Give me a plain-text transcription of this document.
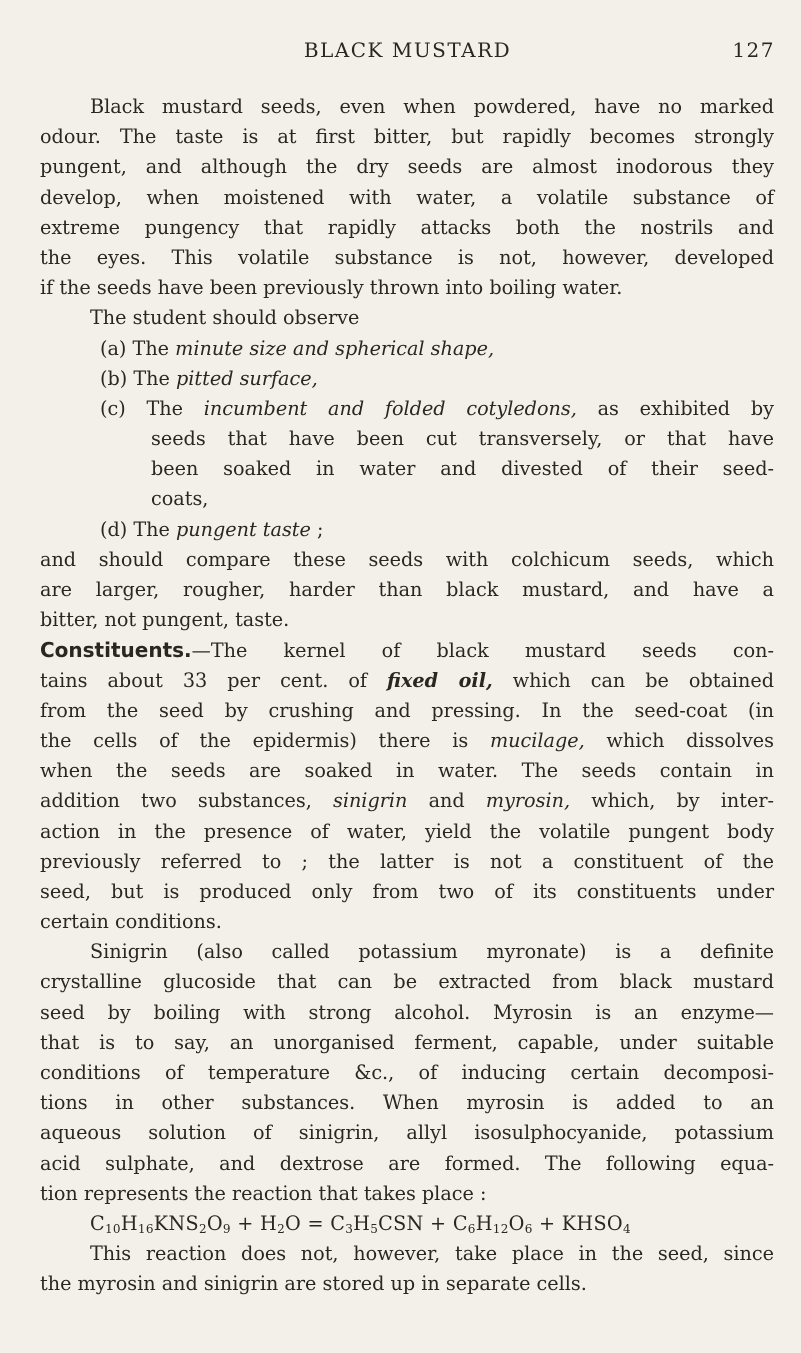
BLACK MUSTARD	127
Black mustard seeds, even when powdered, have no marked
odour. The taste is at first bitter, but rapidly becomes strongly
pungent, and although the dry seeds are almost inodorous they
develop, when moistened with water, a volatile substance of
extreme pungency that rapidly attacks both the nostrils and
the eyes. This volatile substance is not, however, developed
if the seeds have been previously thrown into boiling water.
The student should observe
(a) The minute size and spherical shape,
(b) The pitted surface,
(c) The incumbent and folded cotyledons, as exhibited by
seeds that have been cut transversely, or that have
been soaked in water and divested of their seed-
coats,
(d) The pungent taste ;
and should compare these seeds with colchicum seeds, which
are larger, rougher, harder than black mustard, and have a
bitter, not pungent, taste.
Constituents.—The kernel of black mustard seeds con-
tains about 33 per cent. of fixed oil, which can be obtained
from the seed by crushing and pressing. In the seed-coat (in
the cells of the epidermis) there is mucilage, which dissolves
when the seeds are soaked in water. The seeds contain in
addition two substances, sinigrin and myrosin, which, by inter-
action in the presence of water, yield the volatile pungent body
previously referred to ; the latter is not a constituent of the
seed, but is produced only from two of its constituents under
certain conditions.
Sinigrin (also called potassium myronate) is a definite
crystalline glucoside that can be extracted from black mustard
seed by boiling with strong alcohol. Myrosin is an enzyme—
that is to say, an unorganised ferment, capable, under suitable
conditions of temperature &c., of inducing certain decomposi-
tions in other substances. When myrosin is added to an
aqueous solution of sinigrin, allyl isosulphocyanide, potassium
acid sulphate, and dextrose are formed. The following equa-
tion represents the reaction that takes place :
$C_{10}H_{16}KNS_2O_9 + H_2O = C_3H_5CSN + C_6H_{12}O_6$ + $KHSO_4$
This reaction does not, however, take place in the seed, since
the myrosin and sinigrin are stored up in separate cells.
